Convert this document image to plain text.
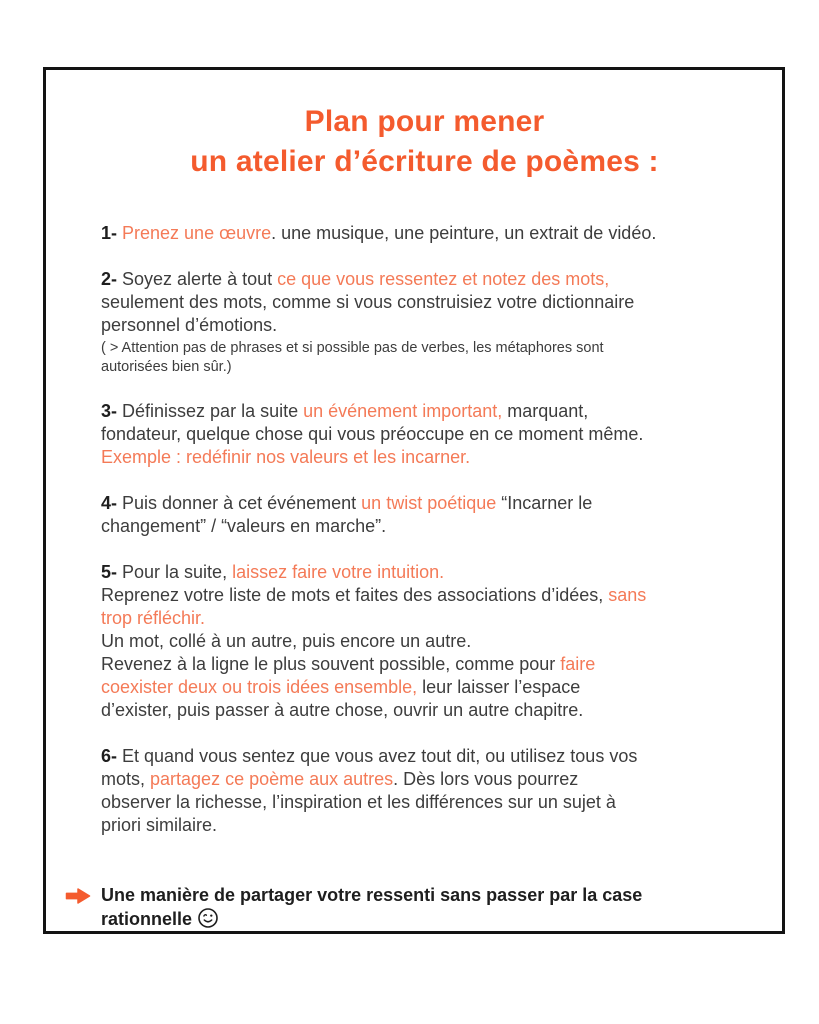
Plan pour mener
un atelier d’écriture de poèmes :

1- Prenez une œuvre. une musique, une peinture, un extrait de vidéo.

2- Soyez alerte à tout ce que vous ressentez et notez des mots,
seulement des mots, comme si vous construisiez votre dictionnaire
personnel d’émotions.

( > Attention pas de phrases et si possible pas de verbes, les métaphores sont
autorisées bien sûr.)

3- Définissez par la suite un événement important, marquant,
fondateur, quelque chose qui vous préoccupe en ce moment même.
Exemple : redéfinir nos valeurs et les incarner.

4- Puis donner à cet événement un twist poétique “Incarner le
changement” / “valeurs en marche”.

5- Pour la suite, laissez faire votre intuition.
Reprenez votre liste de mots et faites des associations d’idées, sans
trop réfléchir.
Un mot, collé à un autre, puis encore un autre.
Revenez à la ligne le plus souvent possible, comme pour faire
coexister deux ou trois idées ensemble, leur laisser l’espace
d’exister, puis passer à autre chose, ouvrir un autre chapitre.

6- Et quand vous sentez que vous avez tout dit, ou utilisez tous vos
mots, partagez ce poème aux autres. Dès lors vous pourrez
observer la richesse, l’inspiration et les différences sur un sujet à
priori similaire.

Une manière de partager votre ressenti sans passer par la case
rationnelle
